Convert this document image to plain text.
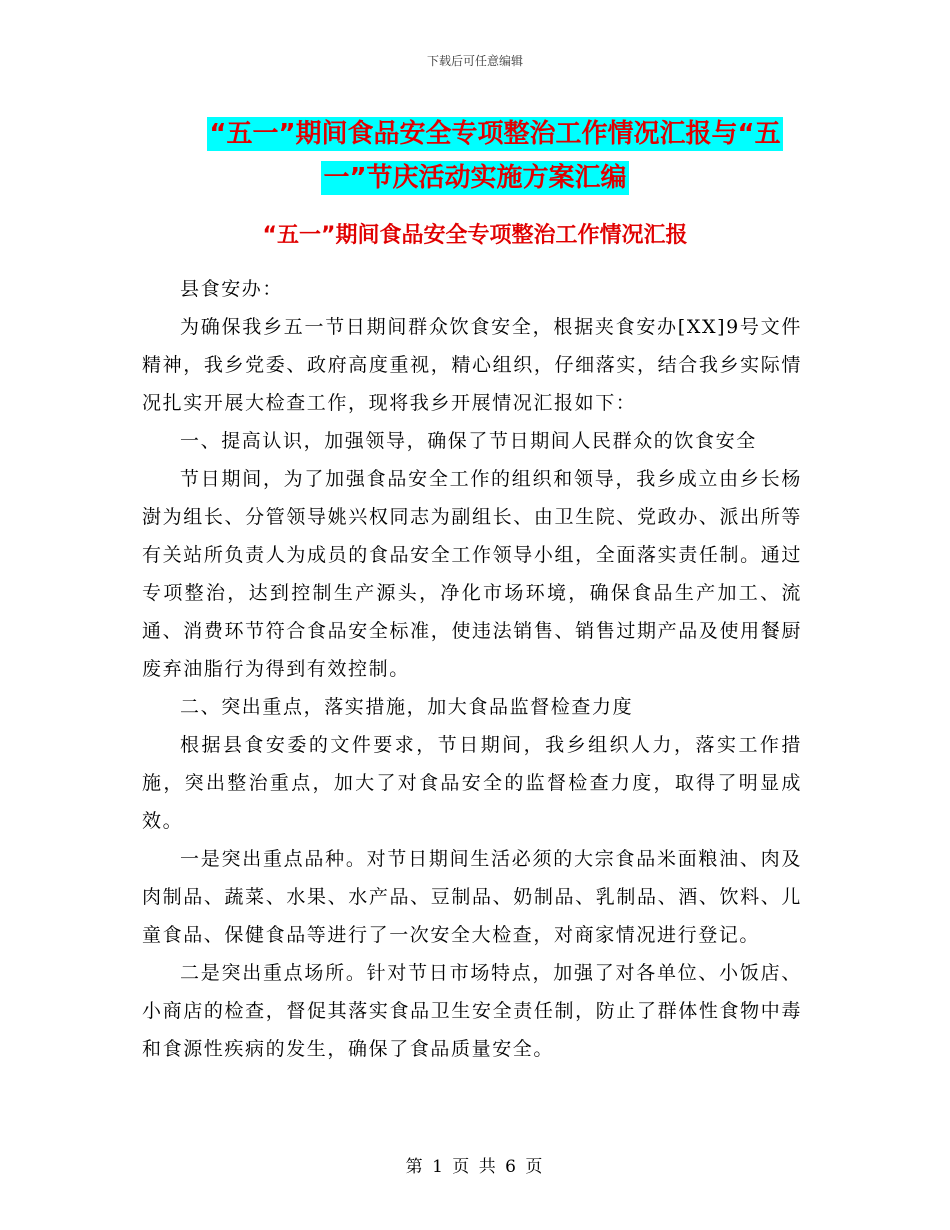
下载后可任意编辑
“五一”期间食品安全专项整治工作情况汇报与“五
一”节庆活动实施方案汇编
“五一”期间食品安全专项整治工作情况汇报

县食安办：

为确保我乡五一节日期间群众饮食安全，根据夹食安办[XX]9号文件精神，我乡党委、政府高度重视，精心组织，仔细落实，结合我乡实际情况扎实开展大检查工作，现将我乡开展情况汇报如下：

一、提高认识，加强领导，确保了节日期间人民群众的饮食安全

节日期间，为了加强食品安全工作的组织和领导，我乡成立由乡长杨澍为组长、分管领导姚兴权同志为副组长、由卫生院、党政办、派出所等有关站所负责人为成员的食品安全工作领导小组，全面落实责任制。通过专项整治，达到控制生产源头，净化市场环境，确保食品生产加工、流通、消费环节符合食品安全标准，使违法销售、销售过期产品及使用餐厨废弃油脂行为得到有效控制。

二、突出重点，落实措施，加大食品监督检查力度

根据县食安委的文件要求，节日期间，我乡组织人力，落实工作措施，突出整治重点，加大了对食品安全的监督检查力度，取得了明显成效。

一是突出重点品种。对节日期间生活必须的大宗食品米面粮油、肉及肉制品、蔬菜、水果、水产品、豆制品、奶制品、乳制品、酒、饮料、儿童食品、保健食品等进行了一次安全大检查，对商家情况进行登记。

二是突出重点场所。针对节日市场特点，加强了对各单位、小饭店、小商店的检查，督促其落实食品卫生安全责任制，防止了群体性食物中毒和食源性疾病的发生，确保了食品质量安全。

第 1 页 共 6 页
